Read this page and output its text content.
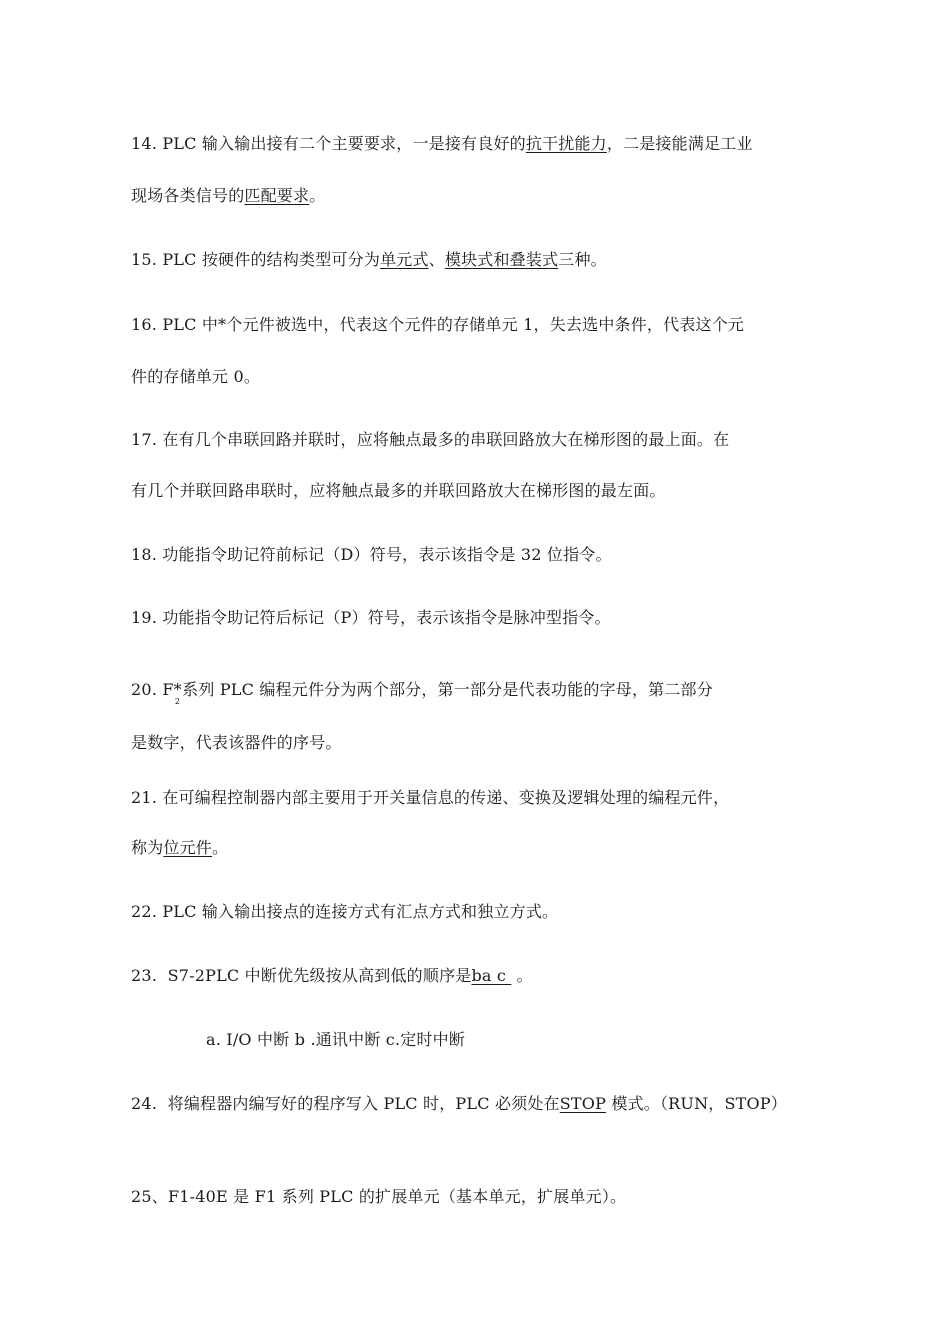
14. PLC 输入输出接有二个主要要求，一是接有良好的抗干扰能力，二是接能满足工业
现场各类信号的匹配要求。
15. PLC 按硬件的结构类型可分为单元式、模块式和叠装式三种。
16. PLC 中*个元件被选中，代表这个元件的存储单元 1，失去选中条件，代表这个元
件的存储单元 0。
17. 在有几个串联回路并联时，应将触点最多的串联回路放大在梯形图的最上面。在
有几个并联回路串联时，应将触点最多的并联回路放大在梯形图的最左面。
18. 功能指令助记符前标记（D）符号，表示该指令是 32 位指令。
19. 功能指令助记符后标记（P）符号，表示该指令是脉冲型指令。
20. $F*_2$系列 PLC 编程元件分为两个部分，第一部分是代表功能的字母，第二部分
是数字，代表该器件的序号。
21. 在可编程控制器内部主要用于开关量信息的传递、变换及逻辑处理的编程元件，
称为位元件。
22. PLC 输入输出接点的连接方式有汇点方式和独立方式。
23.  S7-2PLC 中断优先级按从高到低的顺序是ba c  。
a. I/O 中断 b .通讯中断 c.定时中断
24.  将编程器内编写好的程序写入 PLC 时，PLC 必须处在STOP 模式。（RUN，STOP）
25、F1-40E 是 F1 系列 PLC 的扩展单元（基本单元，扩展单元）。
